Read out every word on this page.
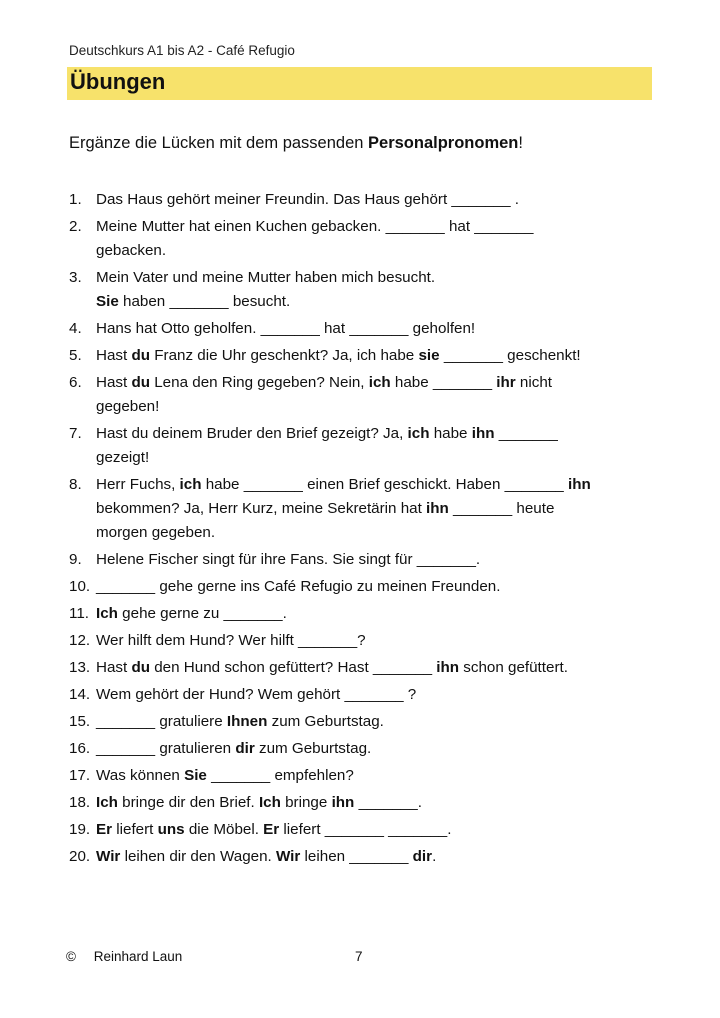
Deutschkurs A1 bis A2 - Café Refugio
Übungen
Ergänze die Lücken mit dem passenden Personalpronomen!
1. Das Haus gehört meiner Freundin. Das Haus gehört _______ .
2. Meine Mutter hat einen Kuchen gebacken. _______ hat _______
gebacken.
3. Mein Vater und meine Mutter haben mich besucht.
Sie haben _______ besucht.
4. Hans hat Otto geholfen. _______ hat _______ geholfen!
5. Hast du Franz die Uhr geschenkt? Ja, ich habe sie _______ geschenkt!
6. Hast du Lena den Ring gegeben? Nein, ich habe _______ ihr nicht
gegeben!
7. Hast du deinem Bruder den Brief gezeigt? Ja, ich habe ihn _______
gezeigt!
8. Herr Fuchs, ich habe _______ einen Brief geschickt. Haben _______ ihn
bekommen? Ja, Herr Kurz, meine Sekretärin hat ihn _______ heute
morgen gegeben.
9. Helene Fischer singt für ihre Fans. Sie singt für _______.
10. _______ gehe gerne ins Café Refugio zu meinen Freunden.
11. Ich gehe gerne zu _______.
12. Wer hilft dem Hund? Wer hilft _______?
13. Hast du den Hund schon gefüttert? Hast _______ ihn schon gefüttert.
14. Wem gehört der Hund? Wem gehört _______ ?
15. _______ gratuliere Ihnen zum Geburtstag.
16. _______ gratulieren dir zum Geburtstag.
17. Was können Sie _______ empfehlen?
18. Ich bringe dir den Brief. Ich bringe ihn _______.
19. Er liefert uns die Möbel. Er liefert _______ _______.
20. Wir leihen dir den Wagen. Wir leihen _______ dir.
© Reinhard Laun	7
